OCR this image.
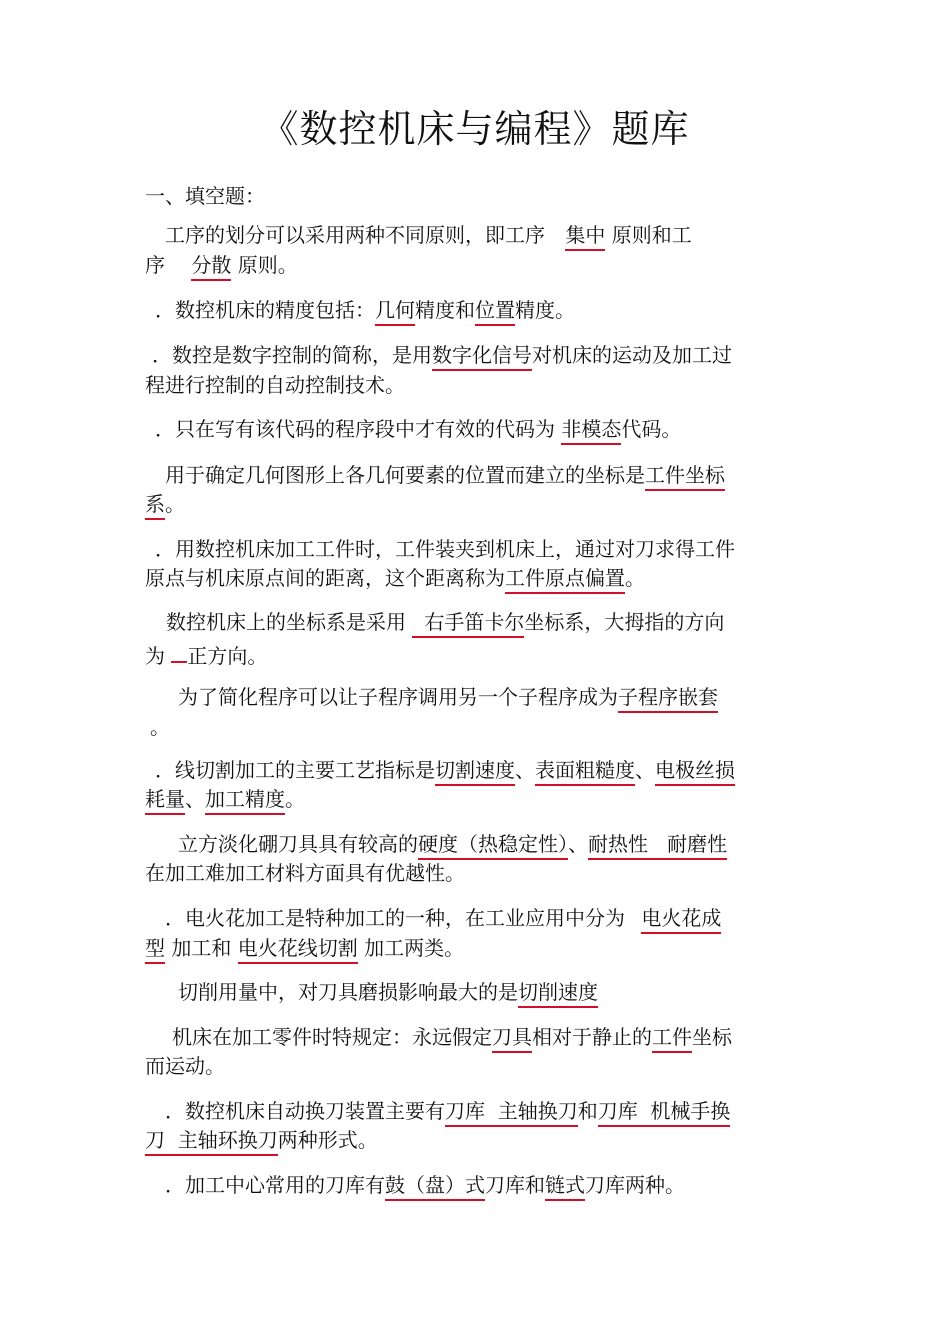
《数控机床与编程》题库
一、填空题：
工序的划分可以采用两种不同原则，即工序 集中 原则和工
序 分散 原则。
．数控机床的精度包括：几何精度和位置精度。
．数控是数字控制的简称，是用数字化信号对机床的运动及加工过
程进行控制的自动控制技术。
．只在写有该代码的程序段中才有效的代码为 非模态代码。
用于确定几何图形上各几何要素的位置而建立的坐标是工件坐标
系。
．用数控机床加工工件时，工件装夹到机床上，通过对刀求得工件
原点与机床原点间的距离，这个距离称为工件原点偏置。
数控机床上的坐标系是采用 右手笛卡尔坐标系，大拇指的方向
为 正方向。
为了简化程序可以让子程序调用另一个子程序成为子程序嵌套
。
．线切割加工的主要工艺指标是切割速度、表面粗糙度、电极丝损
耗量、加工精度。
立方淡化硼刀具具有较高的硬度（热稳定性）、耐热性   耐磨性
在加工难加工材料方面具有优越性。
．电火花加工是特种加工的一种，在工业应用中分为 电火花成
型 加工和 电火花线切割 加工两类。
切削用量中，对刀具磨损影响最大的是切削速度
机床在加工零件时特规定：永远假定刀具相对于静止的工件坐标
而运动。
．数控机床自动换刀装置主要有刀库  主轴换刀和刀库  机械手换
刀  主轴环换刀两种形式。
．加工中心常用的刀库有鼓（盘）式刀库和链式刀库两种。
